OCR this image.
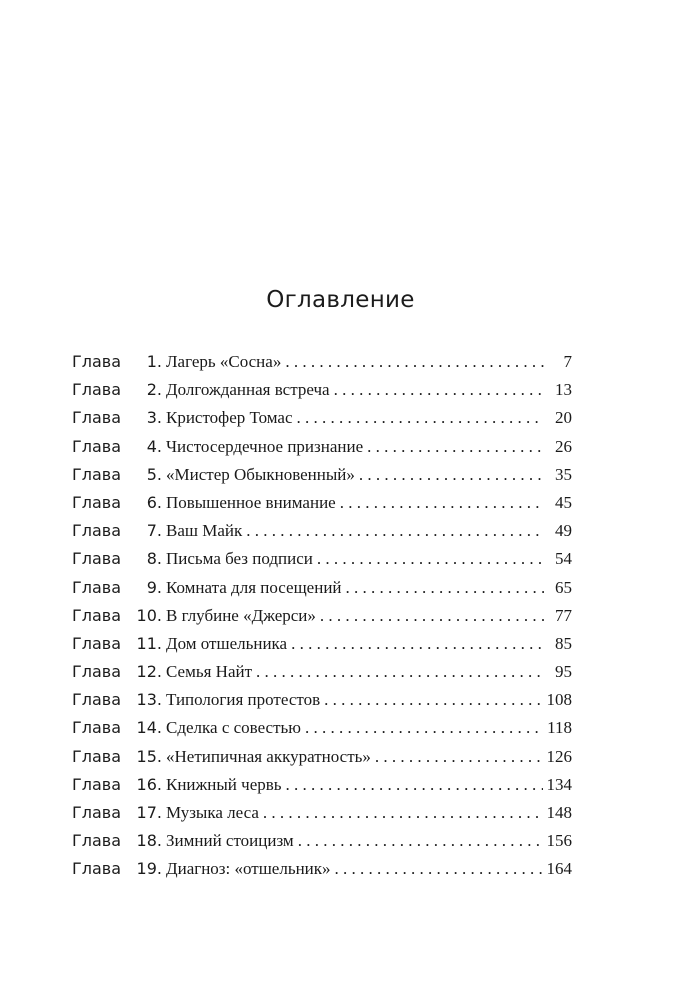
Оглавление
Глава	1. Лагерь «Сосна» . . .	7
Глава	2. Долгожданная встреча . . .	13
Глава	3. Кристофер Томас . . .	20
Глава	4. Чистосердечное признание . . .	26
Глава	5. «Мистер Обыкновенный» . . .	35
Глава	6. Повышенное внимание . . .	45
Глава	7. Ваш Майк . . .	49
Глава	8. Письма без подписи . . .	54
Глава	9. Комната для посещений . . .	65
Глава 10. В глубине «Джерси» . . .	77
Глава 11. Дом отшельника . . .	85
Глава 12. Семья Найт . . .	95
Глава 13. Типология протестов . . .	108
Глава 14. Сделка с совестью . . .	118
Глава 15. «Нетипичная аккуратность» . . .	126
Глава 16. Книжный червь . . .	134
Глава 17. Музыка леса . . .	148
Глава 18. Зимний стоицизм . . .	156
Глава 19. Диагноз: «отшельник» . . .	164
